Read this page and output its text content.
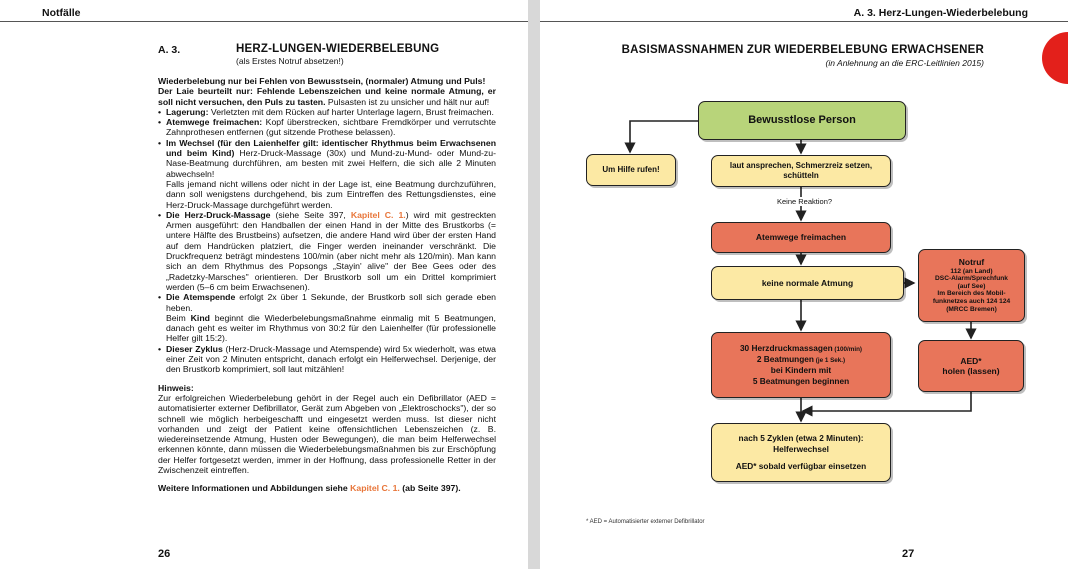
Notfälle
A. 3.	HERZ-LUNGEN-WIEDERBELEBUNG
(als Erstes Notruf absetzen!)

Wiederbelebung nur bei Fehlen von Bewusstsein, (normaler) Atmung und Puls!

Der Laie beurteilt nur: Fehlende Lebenszeichen und keine normale Atmung, er soll nicht versuchen, den Puls zu tasten. Pulsasten ist zu unsicher und hält nur auf!

• Lagerung: Verletzten mit dem Rücken auf harter Unterlage lagern, Brust freimachen.
• Atemwege freimachen: Kopf überstrecken, sichtbare Fremdkörper und verrutschte Zahnprothesen entfernen (gut sitzende Prothese belassen).
• Im Wechsel (für den Laienhelfer gilt: identischer Rhythmus beim Erwachsenen und beim Kind) Herz-Druck-Massage (30x) und Mund-zu-Mund- oder Mund-zu-Nase-Beatmung durchführen, am besten mit zwei Helfern, die sich alle 2 Minuten abwechseln!
Falls jemand nicht willens oder nicht in der Lage ist, eine Beatmung durchzuführen, dann soll wenigstens durchgehend, bis zum Eintreffen des Rettungsdienstes, eine Herz-Druck-Massage durchgeführt werden.
• Die Herz-Druck-Massage (siehe Seite 397, Kapitel C. 1.) wird mit gestreckten Armen ausgeführt: den Handballen der einen Hand in der Mitte des Brustkorbs (= untere Hälfte des Brustbeins) aufsetzen, die andere Hand wird über der ersten Hand auf dem Handrücken platziert, die Finger werden ineinander verschränkt. Die Druckfrequenz beträgt mindestens 100/min (aber nicht mehr als 120/min). Man kann sich an dem Rhythmus des Popsongs „Stayin' alive" der Bee Gees oder des „Radetzky-Marsches" orientieren. Der Brustkorb soll um ein Drittel komprimiert werden (5–6 cm beim Erwachsenen).
• Die Atemspende erfolgt 2x über 1 Sekunde, der Brustkorb soll sich gerade eben heben.
Beim Kind beginnt die Wiederbelebungsmaßnahme einmalig mit 5 Beatmungen, danach geht es weiter im Rhythmus von 30:2 für den Laienhelfer (für professionelle Helfer gilt 15:2).
• Dieser Zyklus (Herz-Druck-Massage und Atemspende) wird 5x wiederholt, was etwa einer Zeit von 2 Minuten entspricht, danach erfolgt ein Helferwechsel. Derjenige, der den Brustkorb komprimiert, soll laut mitzählen!

Hinweis:

Zur erfolgreichen Wiederbelebung gehört in der Regel auch ein Defibrillator (AED = automatisierter externer Defibrillator, Gerät zum Abgeben von „Elektroschocks"), der so schnell wie möglich herbeigeschafft und eingesetzt werden muss. Ist dieser nicht vorhanden und zeigt der Patient keine offensichtlichen Lebenszeichen (z. B. wiedereinsetzende Atmung, Husten oder Bewegungen), die man beim Helferwechsel erkennen könnte, dann müssen die Wiederbelebungsmaßnahmen bis zur Erschöpfung der Helfer fortgesetzt werden, immer in der Hoffnung, dass professionelle Retter in der Zwischenzeit eintreffen.

Weitere Informationen und Abbildungen siehe Kapitel C. 1. (ab Seite 397).

26
A. 3. Herz-Lungen-Wiederbelebung
BASISMASSNAHMEN ZUR WIEDERBELEBUNG ERWACHSENER
(in Anlehnung an die ERC-Leitlinien 2015)
Bewusstlose Person
Um Hilfe rufen!	laut ansprechen, Schmerzreiz setzen,
schütteln
Keine Reaktion?
Atemwege freimachen
keine normale Atmung
Notruf
112 (an Land)
DSC-Alarm/Sprechfunk
(auf See)
Im Bereich des Mobil-
funknetzes auch 124 124
(MRCC Bremen)
30 Herzdruckmassagen (100/min)
2 Beatmungen (je 1 Sek.)
bei Kindern mit
5 Beatmungen beginnen
AED*
holen (lassen)
nach 5 Zyklen (etwa 2 Minuten):
Helferwechsel
AED* sobald verfügbar einsetzen
* AED = Automatisierter externer Defibrillator
27
